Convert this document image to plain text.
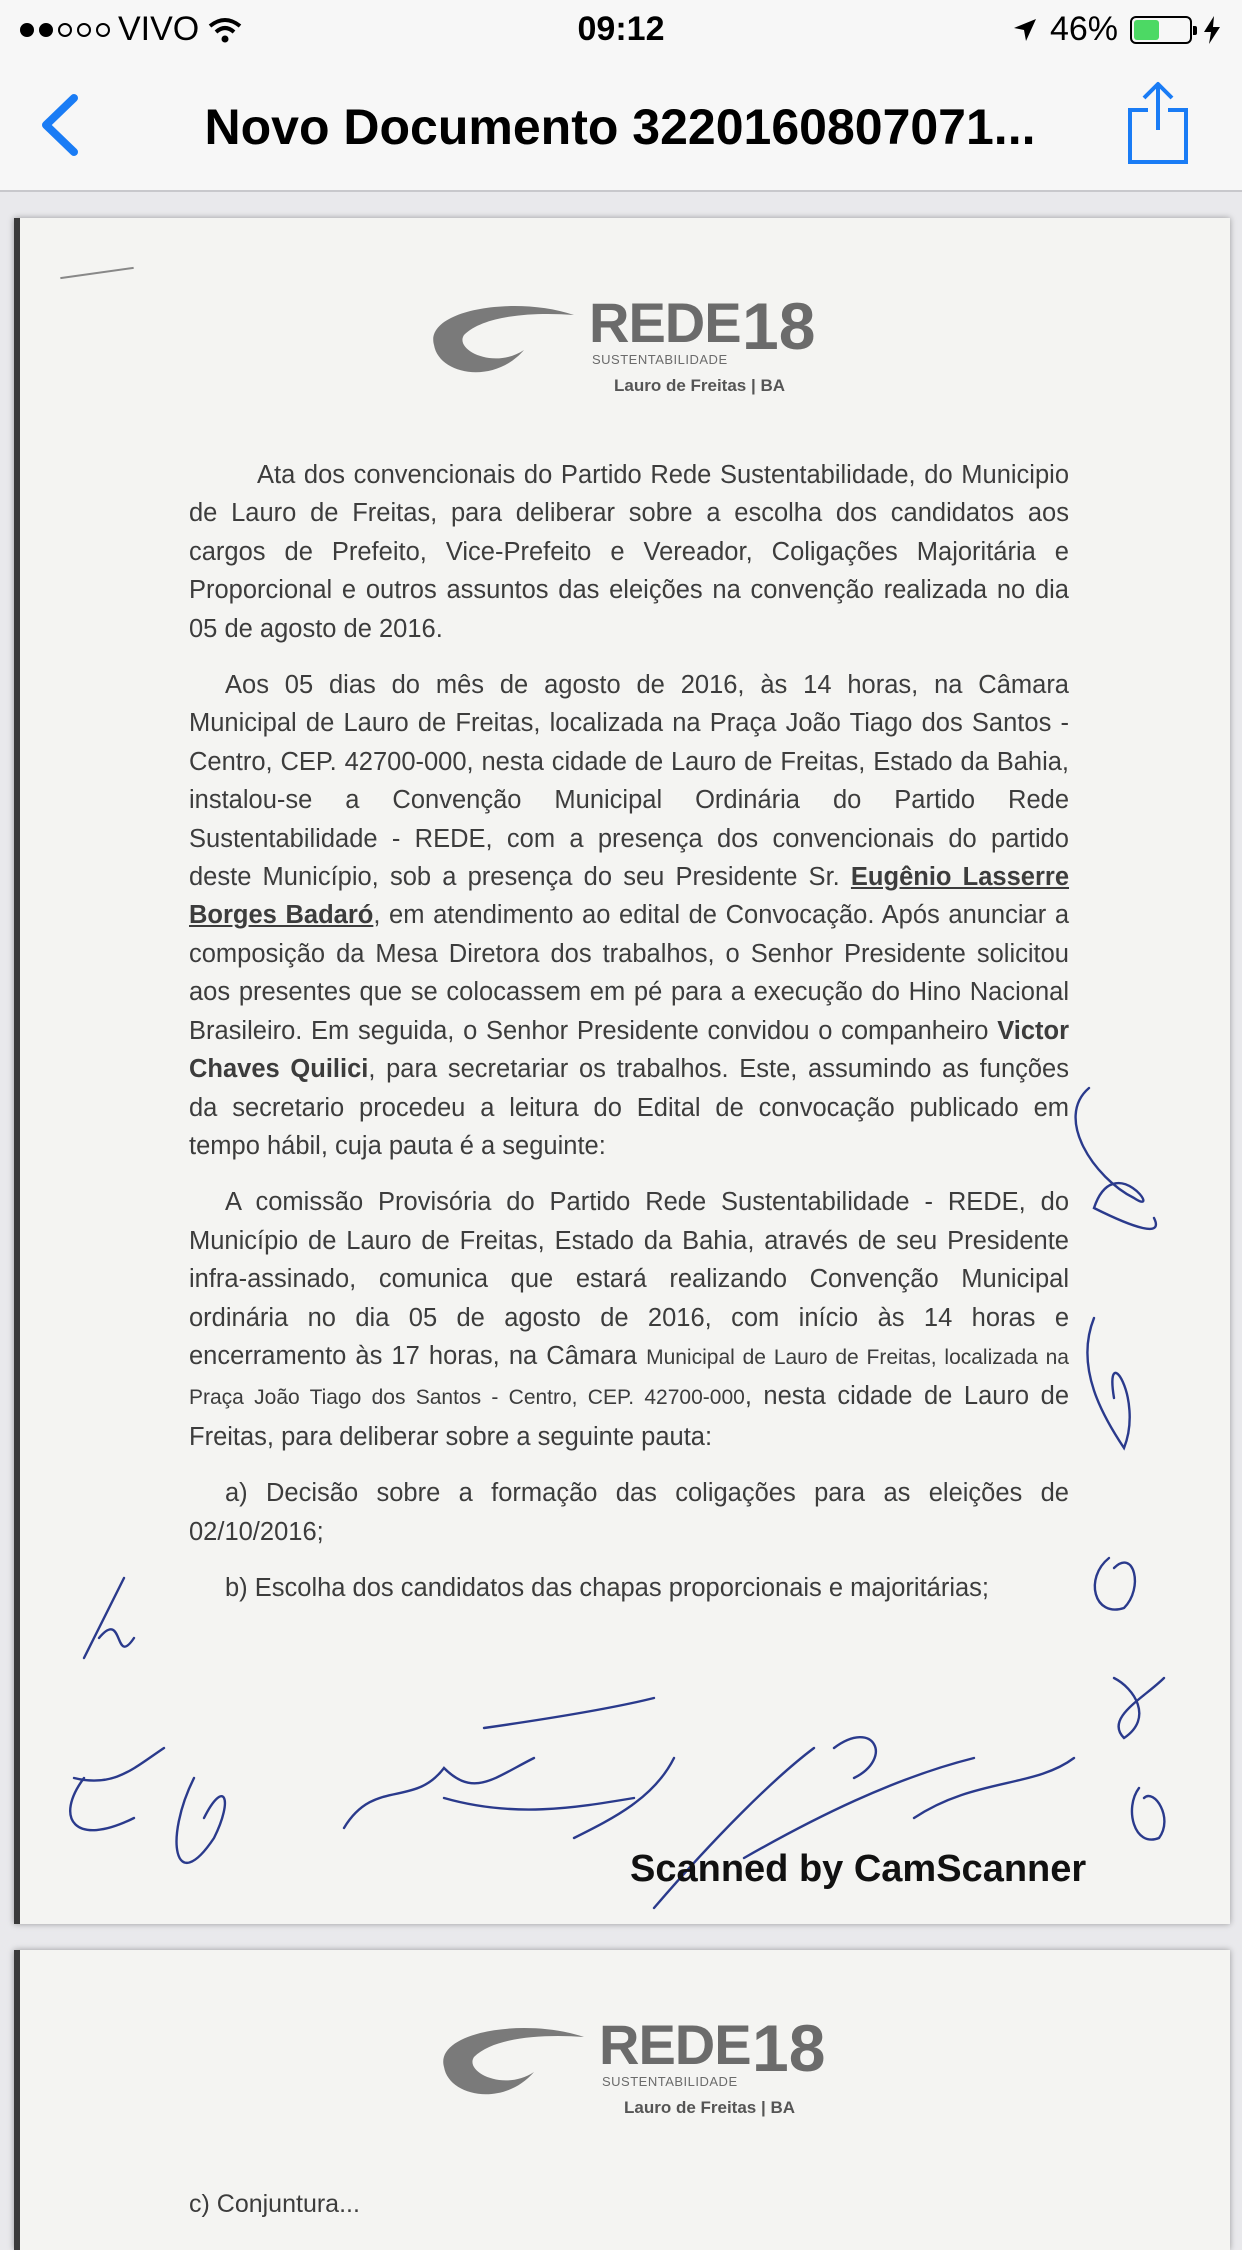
VIVO	09:12	46%
Novo Documento 3220160807071...
REDE 18
SUSTENTABILIDADE
Lauro de Freitas | BA

Ata dos convencionais do Partido Rede Sustentabilidade, do Municipio de Lauro de Freitas, para deliberar sobre a escolha dos candidatos aos cargos de Prefeito, Vice-Prefeito e Vereador, Coligações Majoritária e Proporcional e outros assuntos das eleições na convenção realizada no dia 05 de agosto de 2016.

Aos 05 dias do mês de agosto de 2016, às 14 horas, na Câmara Municipal de Lauro de Freitas, localizada na Praça João Tiago dos Santos - Centro, CEP. 42700-000, nesta cidade de Lauro de Freitas, Estado da Bahia, instalou-se a Convenção Municipal Ordinária do Partido Rede Sustentabilidade - REDE, com a presença dos convencionais do partido deste Município, sob a presença do seu Presidente Sr. Eugênio Lasserre Borges Badaró, em atendimento ao edital de Convocação. Após anunciar a composição da Mesa Diretora dos trabalhos, o Senhor Presidente solicitou aos presentes que se colocassem em pé para a execução do Hino Nacional Brasileiro. Em seguida, o Senhor Presidente convidou o companheiro Victor Chaves Quilici, para secretariar os trabalhos. Este, assumindo as funções da secretario procedeu a leitura do Edital de convocação publicado em tempo hábil, cuja pauta é a seguinte:

A comissão Provisória do Partido Rede Sustentabilidade - REDE, do Município de Lauro de Freitas, Estado da Bahia, através de seu Presidente infra-assinado, comunica que estará realizando Convenção Municipal ordinária no dia 05 de agosto de 2016, com início às 14 horas e encerramento às 17 horas, na Câmara Municipal de Lauro de Freitas, localizada na Praça João Tiago dos Santos - Centro, CEP. 42700-000, nesta cidade de Lauro de Freitas, para deliberar sobre a seguinte pauta:

a) Decisão sobre a formação das coligações para as eleições de 02/10/2016;

b) Escolha dos candidatos das chapas proporcionais e majoritárias;

Scanned by CamScanner
REDE 18
SUSTENTABILIDADE
Lauro de Freitas | BA
c) Conjuntura...
